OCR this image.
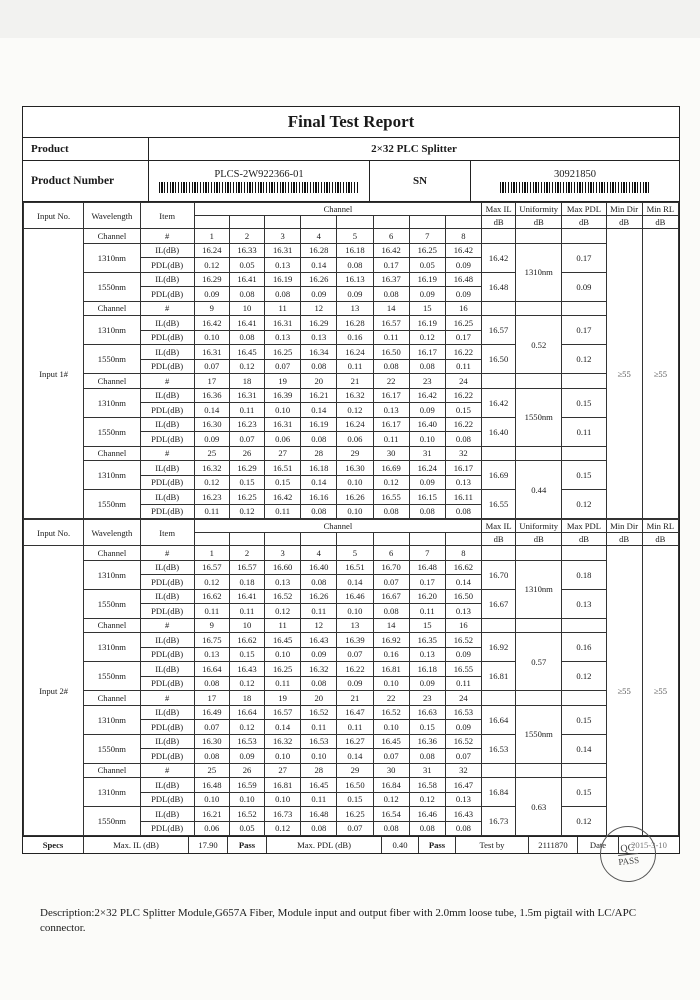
Final Test Report
Product	2×32 PLC Splitter
Product Number
PLCS-2W922366-01
SN
30921850
Input No.	Wavelength	Item	Channel								Max IL	Uniformity	Max PDL	Min Dir	Min RL
											dB	dB	dB	dB	dB
Input 1#	Channel	#	1	2	3	4	5	6	7	8				≥55	≥55
	1310nm	IL(dB)	16.24	16.33	16.31	16.28	16.18	16.42	16.25	16.42	16.42	1310nm	0.17		
		PDL(dB)	0.12	0.05	0.13	0.14	0.08	0.17	0.05	0.09					
	1550nm	IL(dB)	16.29	16.41	16.19	16.26	16.13	16.37	16.19	16.48	16.48		0.09		
		PDL(dB)	0.09	0.08	0.08	0.09	0.09	0.08	0.09	0.09					
	Channel	#	9	10	11	12	13	14	15	16					
	1310nm	IL(dB)	16.42	16.41	16.31	16.29	16.28	16.57	16.19	16.25	16.57	0.52	0.17		
		PDL(dB)	0.10	0.08	0.13	0.13	0.16	0.11	0.12	0.17					
	1550nm	IL(dB)	16.31	16.45	16.25	16.34	16.24	16.50	16.17	16.22	16.50		0.12		
		PDL(dB)	0.07	0.12	0.07	0.08	0.11	0.08	0.08	0.11					
	Channel	#	17	18	19	20	21	22	23	24					
	1310nm	IL(dB)	16.36	16.31	16.39	16.21	16.32	16.17	16.42	16.22	16.42	1550nm	0.15		
		PDL(dB)	0.14	0.11	0.10	0.14	0.12	0.13	0.09	0.15					
	1550nm	IL(dB)	16.30	16.23	16.31	16.19	16.24	16.17	16.40	16.22	16.40		0.11		
		PDL(dB)	0.09	0.07	0.06	0.08	0.06	0.11	0.10	0.08					
	Channel	#	25	26	27	28	29	30	31	32					
	1310nm	IL(dB)	16.32	16.29	16.51	16.18	16.30	16.69	16.24	16.17	16.69	0.44	0.15		
		PDL(dB)	0.12	0.15	0.15	0.14	0.10	0.12	0.09	0.13					
	1550nm	IL(dB)	16.23	16.25	16.42	16.16	16.26	16.55	16.15	16.11	16.55		0.12		
		PDL(dB)	0.11	0.12	0.11	0.08	0.10	0.08	0.08	0.08					
Input No.	Wavelength	Item	Channel								Max IL	Uniformity	Max PDL	Min Dir	Min RL
											dB	dB	dB	dB	dB
Input 2#	Channel	#	1	2	3	4	5	6	7	8				≥55	≥55
	1310nm	IL(dB)	16.57	16.57	16.60	16.40	16.51	16.70	16.48	16.62	16.70	1310nm	0.18		
		PDL(dB)	0.12	0.18	0.13	0.08	0.14	0.07	0.17	0.14					
	1550nm	IL(dB)	16.62	16.41	16.52	16.26	16.46	16.67	16.20	16.50	16.67		0.13		
		PDL(dB)	0.11	0.11	0.12	0.11	0.10	0.08	0.11	0.13					
	Channel	#	9	10	11	12	13	14	15	16					
	1310nm	IL(dB)	16.75	16.62	16.45	16.43	16.39	16.92	16.35	16.52	16.92	0.57	0.16		
		PDL(dB)	0.13	0.15	0.10	0.09	0.07	0.16	0.13	0.09					
	1550nm	IL(dB)	16.64	16.43	16.25	16.32	16.22	16.81	16.18	16.55	16.81		0.12		
		PDL(dB)	0.08	0.12	0.11	0.08	0.09	0.10	0.09	0.11					
	Channel	#	17	18	19	20	21	22	23	24					
	1310nm	IL(dB)	16.49	16.64	16.57	16.52	16.47	16.52	16.63	16.53	16.64	1550nm	0.15		
		PDL(dB)	0.07	0.12	0.14	0.11	0.11	0.10	0.15	0.09					
	1550nm	IL(dB)	16.30	16.53	16.32	16.53	16.27	16.45	16.36	16.52	16.53		0.14		
		PDL(dB)	0.08	0.09	0.10	0.10	0.14	0.07	0.08	0.07					
	Channel	#	25	26	27	28	29	30	31	32					
	1310nm	IL(dB)	16.48	16.59	16.81	16.45	16.50	16.84	16.58	16.47	16.84	0.63	0.15		
		PDL(dB)	0.10	0.10	0.10	0.11	0.15	0.12	0.12	0.13					
	1550nm	IL(dB)	16.21	16.52	16.73	16.48	16.25	16.54	16.46	16.43	16.73		0.12		
		PDL(dB)	0.06	0.05	0.12	0.08	0.07	0.08	0.08	0.08					
Specs	Max. IL (dB)	17.90	Pass	Max. PDL (dB)	0.40	Pass	Test by	2111870	Date	2015-3-10
QC
PASS
Description:2×32 PLC Splitter Module,G657A Fiber, Module input and output fiber with 2.0mm loose tube, 1.5m pigtail with LC/APC connector.
